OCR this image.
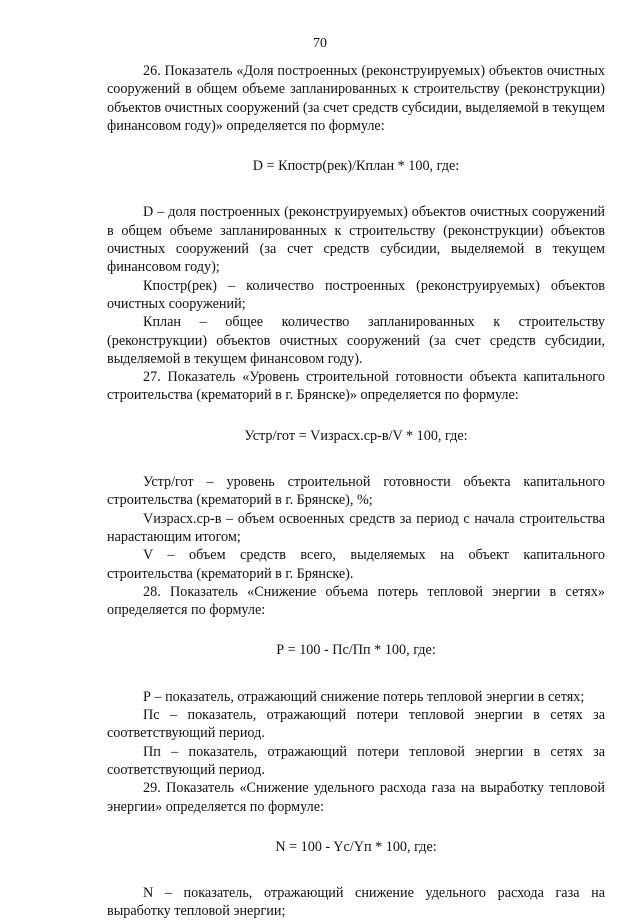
70

26. Показатель «Доля построенных (реконструируемых) объектов очистных сооружений в общем объеме запланированных к строительству (реконструкции) объектов очистных сооружений (за счет средств субсидии, выделяемой в текущем финансовом году)» определяется по формуле:

D = Кпостр(рек)/Кплан * 100, где:

D – доля построенных (реконструируемых) объектов очистных сооружений в общем объеме запланированных к строительству (реконструкции) объектов очистных сооружений (за счет средств субсидии, выделяемой в текущем финансовом году);

Кпостр(рек) – количество построенных (реконструируемых) объектов очистных сооружений;

Кплан – общее количество запланированных к строительству (реконструкции) объектов очистных сооружений (за счет средств субсидии, выделяемой в текущем финансовом году).

27. Показатель «Уровень строительной готовности объекта капитального строительства (крематорий в г. Брянске)» определяется по формуле:

Устр/гот = Vизрасх.ср-в/V * 100, где:

Устр/гот – уровень строительной готовности объекта капитального строительства (крематорий в г. Брянске), %;

Vизрасх.ср-в – объем освоенных средств за период с начала строительства нарастающим итогом;

V – объем средств всего, выделяемых на объект капитального строительства (крематорий в г. Брянске).

28. Показатель «Снижение объема потерь тепловой энергии в сетях» определяется по формуле:

Р = 100 - Пс/Пп * 100, где:

Р – показатель, отражающий снижение потерь тепловой энергии в сетях;

Пс – показатель, отражающий потери тепловой энергии в сетях за соответствующий период.

Пп – показатель, отражающий потери тепловой энергии в сетях за соответствующий период.

29. Показатель «Снижение удельного расхода газа на выработку тепловой энергии» определяется по формуле:

N = 100 - Yс/Yп * 100, где:

N – показатель, отражающий снижение удельного расхода газа на выработку тепловой энергии;
